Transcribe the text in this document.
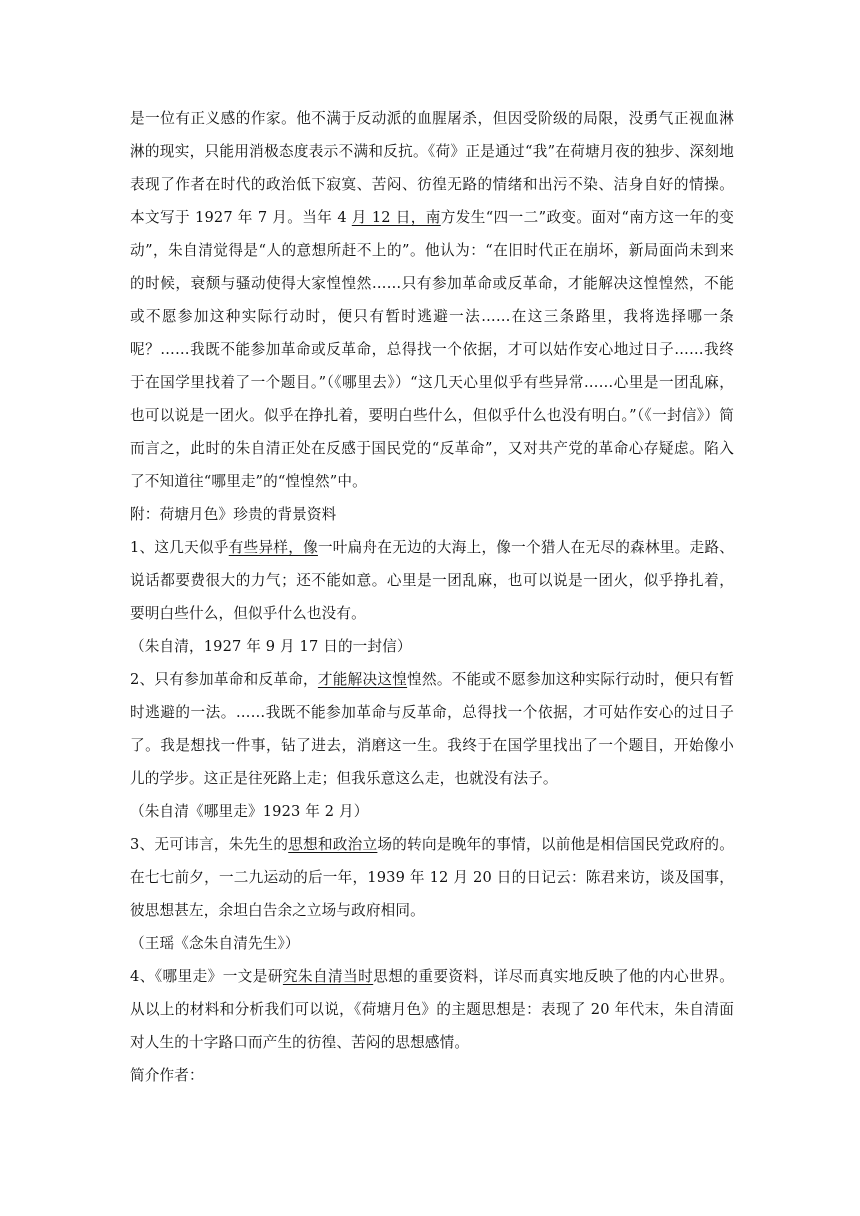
是一位有正义感的作家。他不满于反动派的血腥屠杀，但因受阶级的局限，没勇气正视血淋淋的现实，只能用消极态度表示不满和反抗。《荷》正是通过“我”在荷塘月夜的独步、深刻地表现了作者在时代的政治低下寂寞、苦闷、彷徨无路的情绪和出污不染、洁身自好的情操。本文写于 1927 年 7 月。当年 4 月 12 日，南方发生“四一二”政变。面对“南方这一年的变动”，朱自清觉得是“人的意想所赶不上的”。他认为：“在旧时代正在崩坏，新局面尚未到来的时候，衰颓与骚动使得大家惶惶然……只有参加革命或反革命，才能解决这惶惶然，不能或不愿参加这种实际行动时，便只有暂时逃避一法……在这三条路里，我将选择哪一条呢？……我既不能参加革命或反革命，总得找一个依据，才可以姑作安心地过日子……我终于在国学里找着了一个题目。”（《哪里去》）“这几天心里似乎有些异常……心里是一团乱麻，也可以说是一团火。似乎在挣扎着，要明白些什么，但似乎什么也没有明白。”（《一封信》）简而言之，此时的朱自清正处在反感于国民党的“反革命”，又对共产党的革命心存疑虑。陷入了不知道往“哪里走”的“惶惶然”中。

附：荷塘月色》珍贵的背景资料

1、这几天似乎有些异样，像一叶扁舟在无边的大海上，像一个猎人在无尽的森林里。走路、说话都要费很大的力气；还不能如意。心里是一团乱麻，也可以说是一团火，似乎挣扎着，要明白些什么，但似乎什么也没有。

（朱自清，1927 年 9 月 17 日的一封信）

2、只有参加革命和反革命，才能解决这惶惶然。不能或不愿参加这种实际行动时，便只有暂时逃避的一法。……我既不能参加革命与反革命，总得找一个依据，才可姑作安心的过日子了。我是想找一件事，钻了进去，消磨这一生。我终于在国学里找出了一个题目，开始像小儿的学步。这正是往死路上走；但我乐意这么走，也就没有法子。

（朱自清《哪里走》1923 年 2 月）

3、无可讳言，朱先生的思想和政治立场的转向是晚年的事情，以前他是相信国民党政府的。在七七前夕，一二九运动的后一年，1939 年 12 月 20 日的日记云：陈君来访，谈及国事，彼思想甚左，余坦白告余之立场与政府相同。

（王瑶《念朱自清先生》）

4、《哪里走》一文是研究朱自清当时思想的重要资料，详尽而真实地反映了他的内心世界。从以上的材料和分析我们可以说，《荷塘月色》的主题思想是：表现了 20 年代末，朱自清面对人生的十字路口而产生的彷徨、苦闷的思想感情。

简介作者：
